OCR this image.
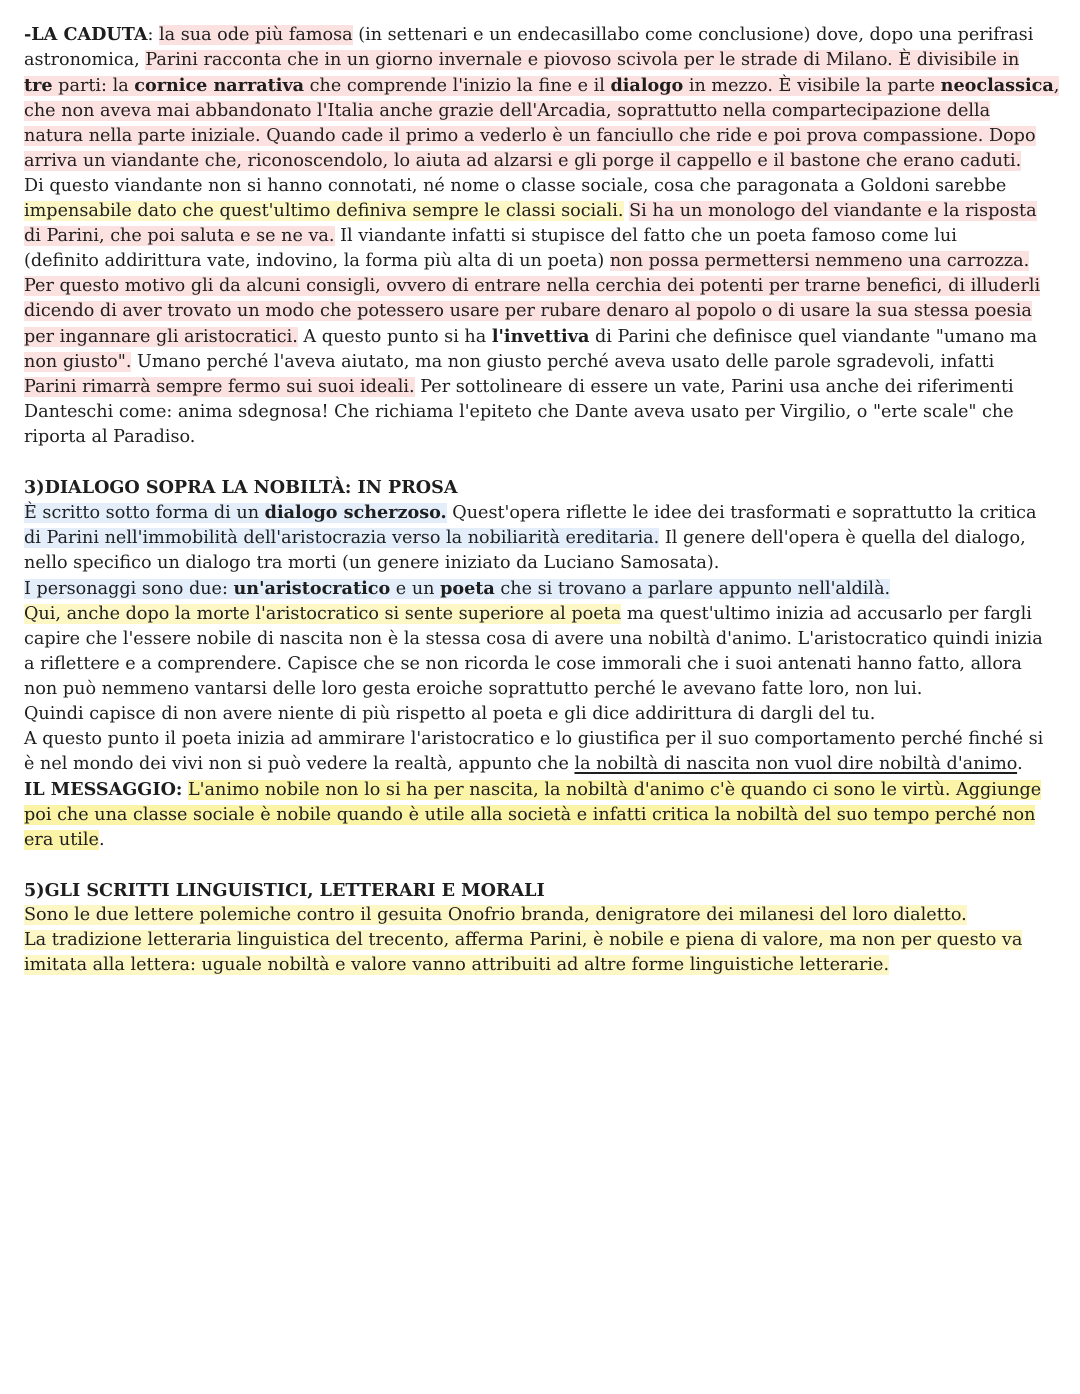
-LA CADUTA: la sua ode più famosa (in settenari e un endecasillabo come conclusione) dove, dopo una perifrasi
astronomica, Parini racconta che in un giorno invernale e piovoso scivola per le strade di Milano. È divisibile in
tre parti: la cornice narrativa che comprende l'inizio la fine e il dialogo in mezzo. È visibile la parte neoclassica,
che non aveva mai abbandonato l'Italia anche grazie dell'Arcadia, soprattutto nella compartecipazione della
natura nella parte iniziale. Quando cade il primo a vederlo è un fanciullo che ride e poi prova compassione. Dopo
arriva un viandante che, riconoscendolo, lo aiuta ad alzarsi e gli porge il cappello e il bastone che erano caduti.
Di questo viandante non si hanno connotati, né nome o classe sociale, cosa che paragonata a Goldoni sarebbe
impensabile dato che quest'ultimo definiva sempre le classi sociali. Si ha un monologo del viandante e la risposta
di Parini, che poi saluta e se ne va. Il viandante infatti si stupisce del fatto che un poeta famoso come lui
(definito addirittura vate, indovino, la forma più alta di un poeta) non possa permettersi nemmeno una carrozza.
Per questo motivo gli da alcuni consigli, ovvero di entrare nella cerchia dei potenti per trarne benefici, di illuderli
dicendo di aver trovato un modo che potessero usare per rubare denaro al popolo o di usare la sua stessa poesia
per ingannare gli aristocratici. A questo punto si ha l'invettiva di Parini che definisce quel viandante "umano ma
non giusto". Umano perché l'aveva aiutato, ma non giusto perché aveva usato delle parole sgradevoli, infatti
Parini rimarrà sempre fermo sui suoi ideali. Per sottolineare di essere un vate, Parini usa anche dei riferimenti
Danteschi come: anima sdegnosa! Che richiama l'epiteto che Dante aveva usato per Virgilio, o "erte scale" che
riporta al Paradiso.
3)DIALOGO SOPRA LA NOBILTÀ: IN PROSA
È scritto sotto forma di un dialogo scherzoso. Quest'opera riflette le idee dei trasformati e soprattutto la critica
di Parini nell'immobilità dell'aristocrazia verso la nobiliarità ereditaria. Il genere dell'opera è quella del dialogo,
nello specifico un dialogo tra morti (un genere iniziato da Luciano Samosata).
I personaggi sono due: un'aristocratico e un poeta che si trovano a parlare appunto nell'aldilà.
Qui, anche dopo la morte l'aristocratico si sente superiore al poeta ma quest'ultimo inizia ad accusarlo per fargli
capire che l'essere nobile di nascita non è la stessa cosa di avere una nobiltà d'animo. L'aristocratico quindi inizia
a riflettere e a comprendere. Capisce che se non ricorda le cose immorali che i suoi antenati hanno fatto, allora
non può nemmeno vantarsi delle loro gesta eroiche soprattutto perché le avevano fatte loro, non lui.
Quindi capisce di non avere niente di più rispetto al poeta e gli dice addirittura di dargli del tu.
A questo punto il poeta inizia ad ammirare l'aristocratico e lo giustifica per il suo comportamento perché finché si
è nel mondo dei vivi non si può vedere la realtà, appunto che la nobiltà di nascita non vuol dire nobiltà d'animo.
IL MESSAGGIO: L'animo nobile non lo si ha per nascita, la nobiltà d'animo c'è quando ci sono le virtù. Aggiunge
poi che una classe sociale è nobile quando è utile alla società e infatti critica la nobiltà del suo tempo perché non
era utile.
5)GLI SCRITTI LINGUISTICI, LETTERARI E MORALI
Sono le due lettere polemiche contro il gesuita Onofrio branda, denigratore dei milanesi del loro dialetto.
La tradizione letteraria linguistica del trecento, afferma Parini, è nobile e piena di valore, ma non per questo va
imitata alla lettera: uguale nobiltà e valore vanno attribuiti ad altre forme linguistiche letterarie.
